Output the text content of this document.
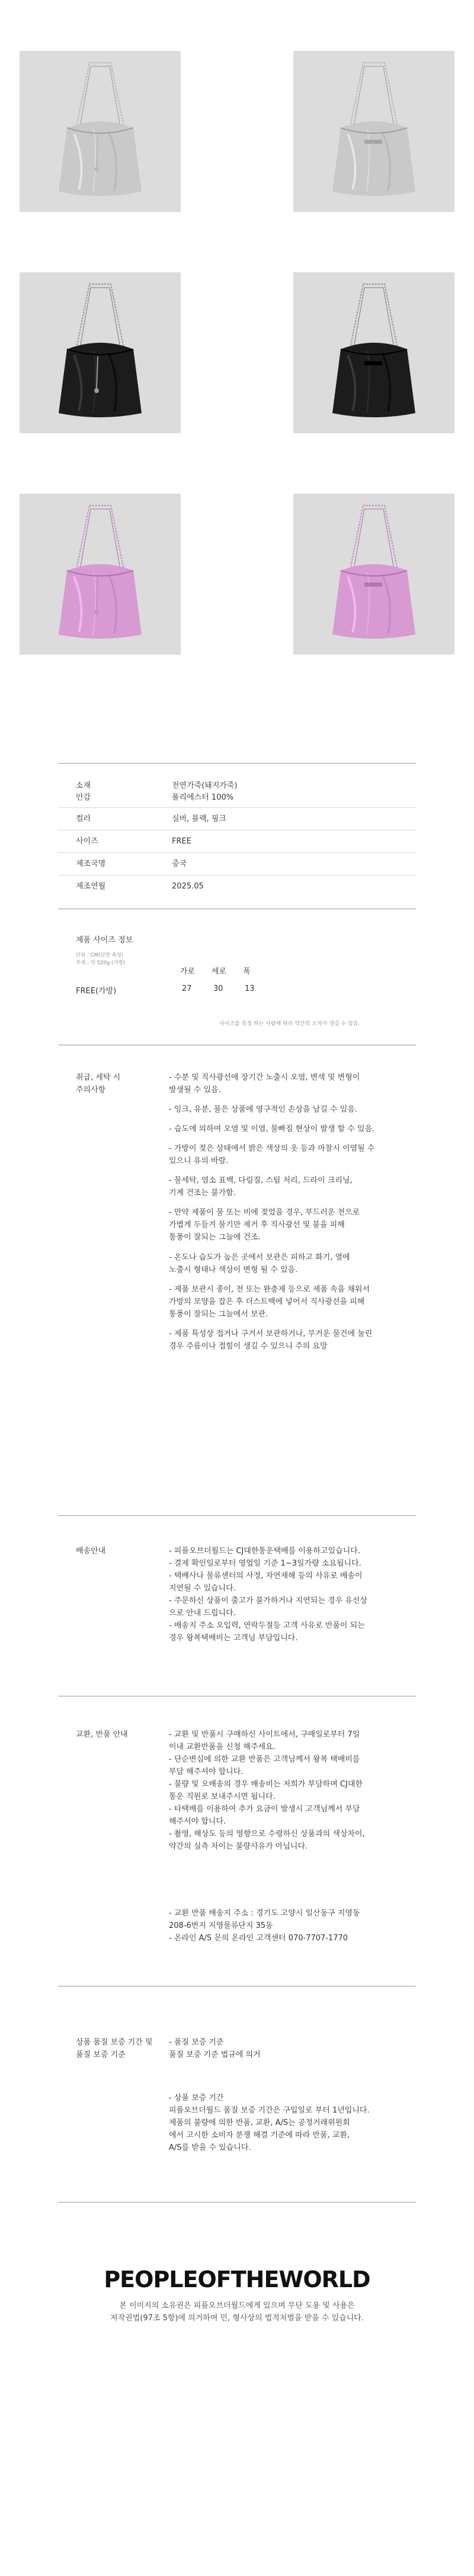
소재	천연가죽(돼지가죽)
안감	폴리에스터 100%
컬러	실버, 블랙, 핑크
사이즈	FREE
제조국명	중국
제조연월	2025.05
제품 사이즈 정보
단위 : CM(단면 측정)
무게 : 약 520g (가방)
가로 세로 폭
FREE(가방)	27	30	13
사이즈를 측정 하는 사람에 따라 약간의 오차가 생길 수 있음.
취급, 세탁 시
주의사항

- 수분 및 직사광선에 장기간 노출시 오염, 변색 및 변형이
발생될 수 있음.

- 잉크, 유분, 물은 상품에 영구적인 손상을 남길 수 있음.

- 습도에 의하여 오염 및 이염, 물빠짐 현상이 발생 할 수 있음.

- 가방이 젖은 상태에서 밝은 색상의 옷 등과 마찰시 이염될 수
있으니 유의 바람.

- 물세탁, 염소 표백, 다림질, 스팀 처리, 드라이 크리닝,
기계 건조는 불가함.

- 만약 제품이 물 또는 비에 젖었을 경우, 부드러운 천으로
가볍게 두들겨 물기만 제거 후 직사광선 및 불을 피해
통풍이 잘되는 그늘에 건조.

- 온도나 습도가 높은 곳에서 보관은 피하고 화기, 열에
노출시 형태나 색상이 변형 될 수 있음.

- 제품 보관시 종이, 천 또는 완충재 등으로 제품 속을 채워서
가방의 모양을 잡은 후 더스트백에 넣어서 직사광선을 피해
통풍이 잘되는 그늘에서 보관.

- 제품 특성상 접거나 구겨서 보관하거나, 무거운 물건에 눌린
경우 주름이나 접힘이 생길 수 있으니 주의 요망

배송안내	- 피플오브더월드는 CJ대한통운택배를 이용하고있습니다.

- 결제 확인일로부터 영업일 기준 1~3일가량 소요됩니다.

- 택배사나 물류센터의 사정, 자연재해 등의 사유로 배송이
지연될 수 있습니다.

- 주문하신 상품이 출고가 불가하거나 지연되는 경우 유선상
으로 안내 드립니다.

- 배송지 주소 오입력, 연락두절등 고객 사유로 반품이 되는
경우 왕복택배비는 고객님 부담입니다.

교환, 반품 안내	- 교환 및 반품시 구매하신 사이트에서, 구매일로부터 7일
이내 교환반품을 신청 해주세요.

- 단순변심에 의한 교환 반품은 고객님께서 왕복 택배비를
부담 해주셔야 합니다.

- 불량 및 오배송의 경우 배송비는 저희가 부담하며 CJ대한
통운 직원로 보내주시면 됩니다.

- 타택배를 이용하여 추가 요금이 발생시 고객님께서 부담
해주셔야 합니다.

- 촬영, 해상도 등의 영향으로 수령하신 상품과의 색상차이,
약간의 실측 차이는 불량사유가 아닙니다.

- 교환 반품 배송지 주소 : 경기도 고양시 일산동구 지영동
208-6번지 지영물류단지 35동

- 온라인 A/S 문의 온라인 고객센터 070-7707-1770

상품 품질 보증 기간 및
품질 보증 기준

- 품질 보증 기준
품질 보증 기준 법규에 의거

- 상품 보증 기간
피플오브더월드 품질 보증 기간은 구입일로 부터 1년입니다.
제품의 불량에 의한 반품, 교환, A/S는 공정거래위원회
에서 고시한 소비자 분쟁 해결 기준에 따라 반품, 교환,
A/S를 받을 수 있습니다.

PEOPLEOFTHEWORLD
본 이미지의 소유권은 피플오브더월드에게 있으며 무단 도용 및 사용은
저작권법(97조 5항)에 의거하여 민, 형사상의 법적처벌을 받을 수 있습니다.
